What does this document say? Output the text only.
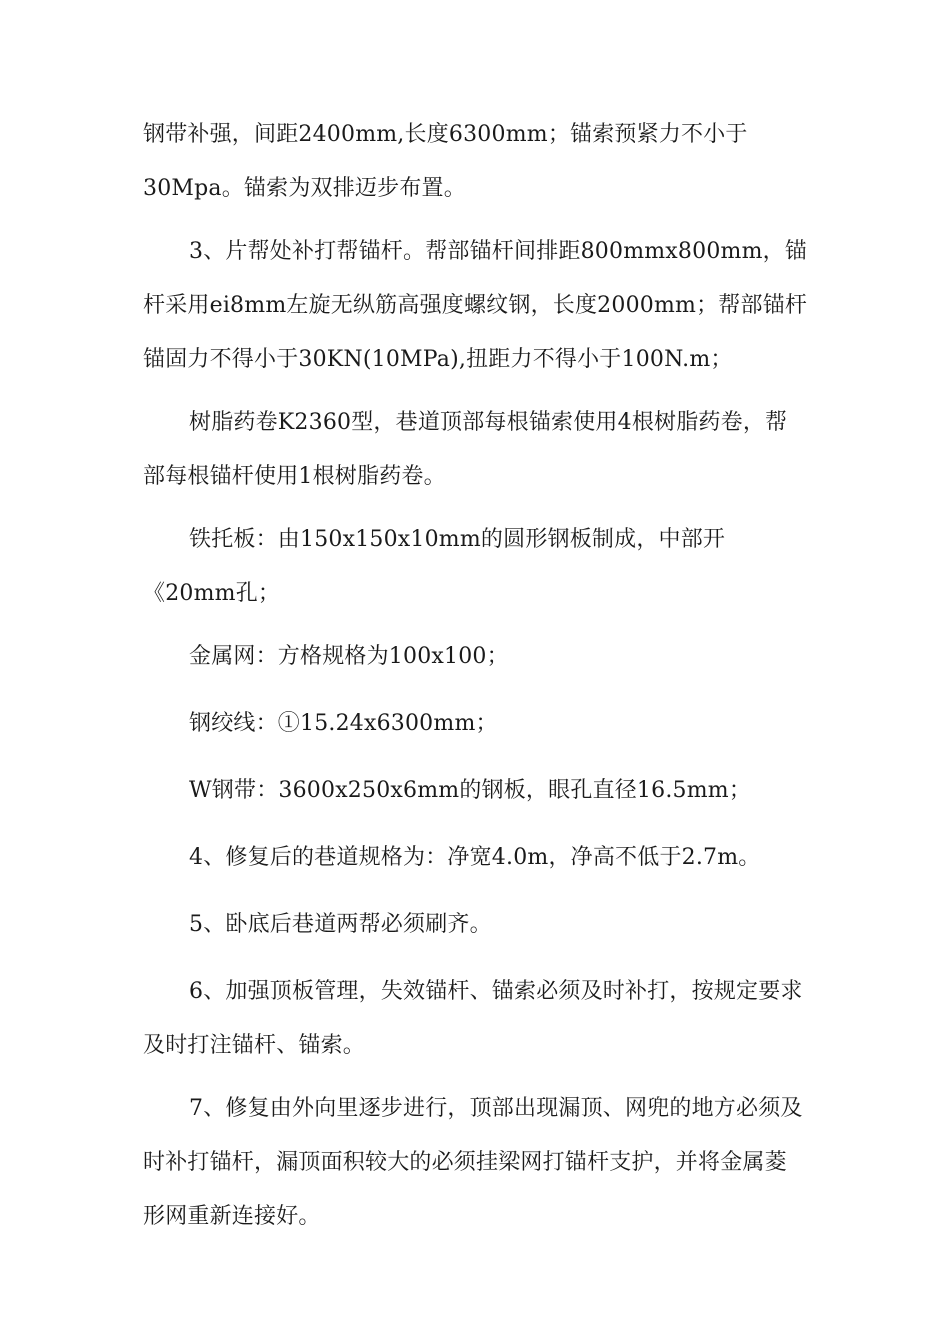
钢带补强，间距2400mm,长度6300mm；锚索预紧力不小于30Mpa。锚索为双排迈步布置。

3、片帮处补打帮锚杆。帮部锚杆间排距800mmx800mm，锚杆采用ei8mm左旋无纵筋高强度螺纹钢，长度2000mm；帮部锚杆锚固力不得小于30KN(10MPa),扭距力不得小于100N.m；

树脂药卷K2360型，巷道顶部每根锚索使用4根树脂药卷，帮部每根锚杆使用1根树脂药卷。

铁托板：由150x150x10mm的圆形钢板制成，中部开《20mm孔；

金属网：方格规格为100x100；

钢绞线：①15.24x6300mm；

W钢带：3600x250x6mm的钢板，眼孔直径16.5mm；

4、修复后的巷道规格为：净宽4.0m，净高不低于2.7m。

5、卧底后巷道两帮必须刷齐。

6、加强顶板管理，失效锚杆、锚索必须及时补打，按规定要求及时打注锚杆、锚索。

7、修复由外向里逐步进行，顶部出现漏顶、网兜的地方必须及时补打锚杆，漏顶面积较大的必须挂梁网打锚杆支护，并将金属菱形网重新连接好。
